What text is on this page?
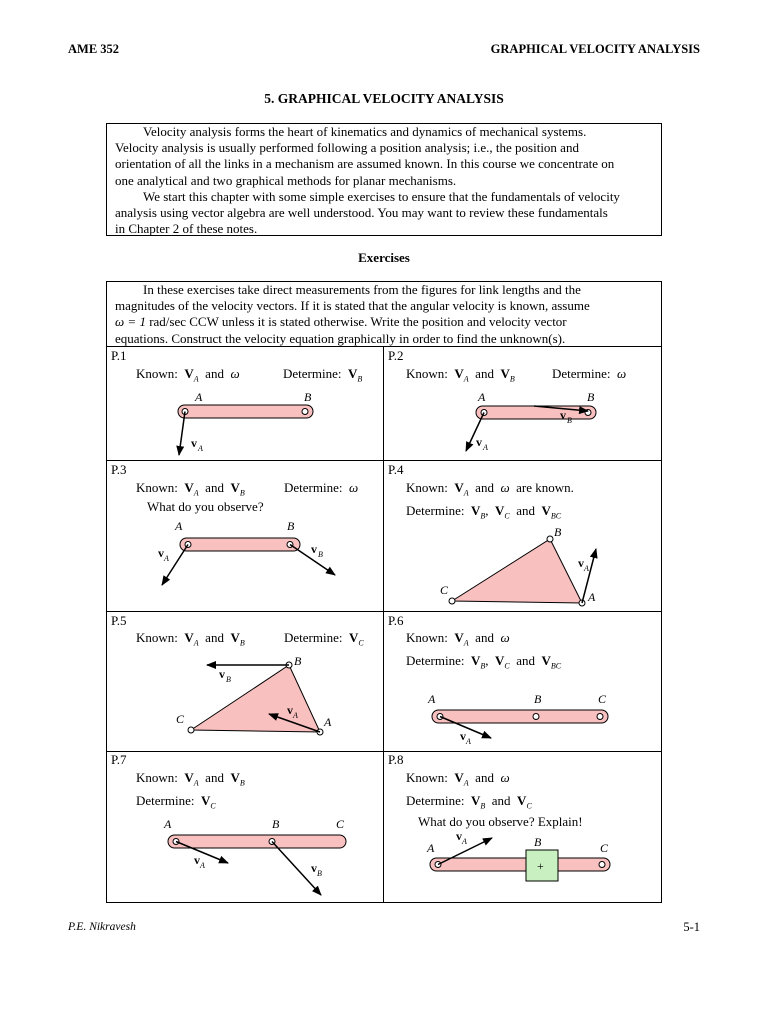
AME 352	GRAPHICAL VELOCITY ANALYSIS
5. GRAPHICAL VELOCITY ANALYSIS

Velocity analysis forms the heart of kinematics and dynamics of mechanical systems.

Velocity analysis is usually performed following a position analysis; i.e., the position and
orientation of all the links in a mechanism are assumed known. In this course we concentrate on
one analytical and two graphical methods for planar mechanisms.

We start this chapter with some simple exercises to ensure that the fundamentals of velocity

analysis using vector algebra are well understood. You may want to review these fundamentals
in Chapter 2 of these notes.
Exercises

In these exercises take direct measurements from the figures for link lengths and the

magnitudes of the velocity vectors. If it is stated that the angular velocity is known, assume
ω = 1 rad/sec CCW unless it is stated otherwise. Write the position and velocity vector
equations. Construct the velocity equation graphically in order to find the unknown(s).
P.1
Known: $V_A$ and ω	Determine: $V_B$
A	B
v A
P.2
Known: $V_A$ and $V_B$	Determine: ω
A	B
v A
v B
P.3
Known: $V_A$ and $V_B$	Determine: ω
What do you observe?
A	B
v A
v B
P.4
Known: $V_A$ and ω are known.
Determine: $V_B$,  $V_C$ and $V_{BC}$
B
C	A
v A
P.5
Known: $V_A$ and $V_B$	Determine: $V_C$
B
C	A
v B
v A
P.6
Known: $V_A$ and ω
Determine: $V_B$,  $V_C$ and $V_{BC}$
A	B	C
v A
P.7
Known: $V_A$ and $V_B$
Determine: $V_C$
A	B	C
v A	v B
P.8
Known: $V_A$ and ω
Determine: $V_B$ and $V_C$
What do you observe? Explain!
+
A	B	C
v A
P.E. Nikravesh	5-1
